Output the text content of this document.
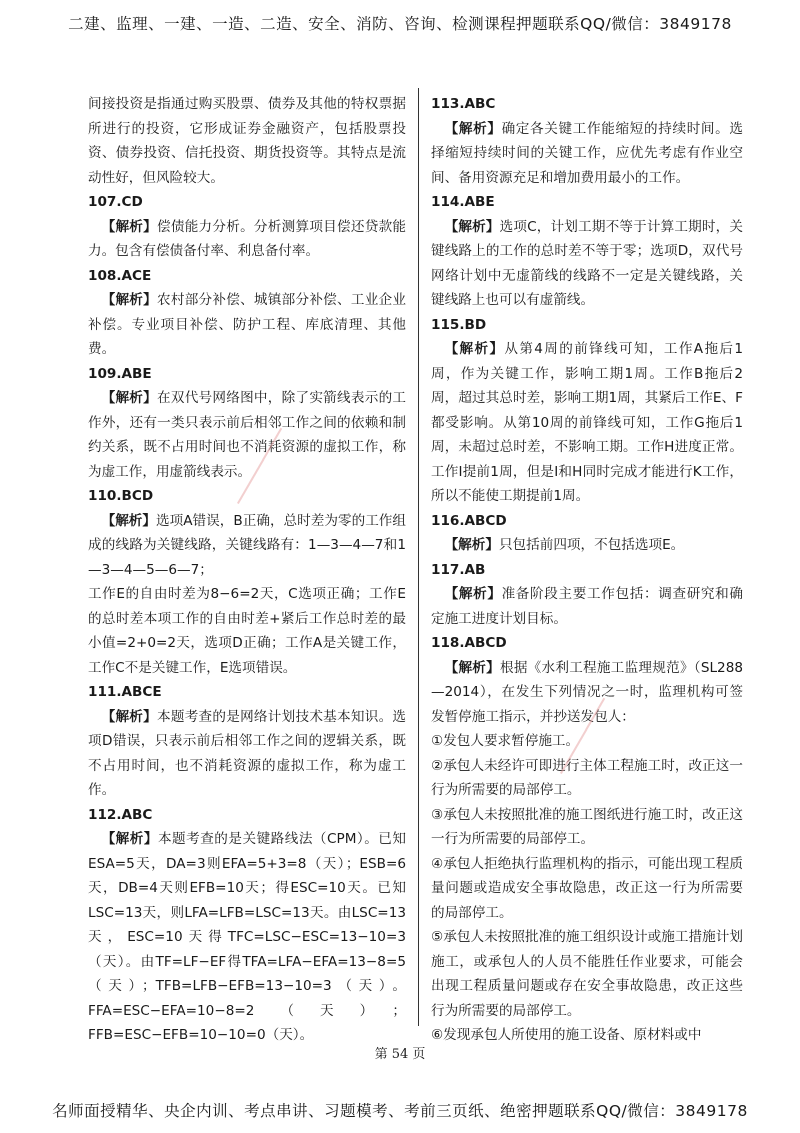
二建、监理、一建、一造、二造、安全、消防、咨询、检测课程押题联系QQ/微信：3849178

间接投资是指通过购买股票、债券及其他的特权票据所进行的投资，它形成证券金融资产，包括股票投资、债券投资、信托投资、期货投资等。其特点是流动性好，但风险较大。

107.CD

【解析】偿债能力分析。分析测算项目偿还贷款能力。包含有偿债备付率、利息备付率。

108.ACE

【解析】农村部分补偿、城镇部分补偿、工业企业补偿。专业项目补偿、防护工程、库底清理、其他费。

109.ABE

【解析】在双代号网络图中，除了实箭线表示的工作外，还有一类只表示前后相邻工作之间的依赖和制约关系，既不占用时间也不消耗资源的虚拟工作，称为虚工作，用虚箭线表示。

110.BCD

【解析】选项A错误，B正确，总时差为零的工作组成的线路为关键线路，关键线路有：1—3—4—7和1—3—4—5—6—7；

工作E的自由时差为8−6=2天，C选项正确；工作E的总时差本项工作的自由时差+紧后工作总时差的最小值=2+0=2天，选项D正确；工作A是关键工作，工作C不是关键工作，E选项错误。

111.ABCE

【解析】本题考查的是网络计划技术基本知识。选项D错误，只表示前后相邻工作之间的逻辑关系，既不占用时间，也不消耗资源的虚拟工作，称为虚工作。

112.ABC

【解析】本题考查的是关键路线法（CPM）。已知ESA=5天，DA=3则EFA=5+3=8（天）；ESB=6天，DB=4天则EFB=10天；得ESC=10天。已知LSC=13天，则LFA=LFB=LSC=13天。由LSC=13天，ESC=10天得TFC=LSC−ESC=13−10=3（天）。由TF=LF−EF得TFA=LFA−EFA=13−8=5（天）；TFB=LFB−EFB=13−10=3（天）。FFA=ESC−EFA=10−8=2（天）；FFB=ESC−EFB=10−10=0（天）。

113.ABC

【解析】确定各关键工作能缩短的持续时间。选择缩短持续时间的关键工作，应优先考虑有作业空间、备用资源充足和增加费用最小的工作。

114.ABE

【解析】选项C，计划工期不等于计算工期时，关键线路上的工作的总时差不等于零；选项D，双代号网络计划中无虚箭线的线路不一定是关键线路，关键线路上也可以有虚箭线。

115.BD

【解析】从第4周的前锋线可知，工作A拖后1周，作为关键工作，影响工期1周。工作B拖后2周，超过其总时差，影响工期1周，其紧后工作E、F都受影响。从第10周的前锋线可知，工作G拖后1周，未超过总时差，不影响工期。工作H进度正常。工作I提前1周，但是I和H同时完成才能进行K工作，所以不能使工期提前1周。

116.ABCD

【解析】只包括前四项，不包括选项E。

117.AB

【解析】准备阶段主要工作包括：调查研究和确定施工进度计划目标。

118.ABCD

【解析】根据《水利工程施工监理规范》（SL288—2014），在发生下列情况之一时，监理机构可签发暂停施工指示，并抄送发包人：

①发包人要求暂停施工。

②承包人未经许可即进行主体工程施工时，改正这一行为所需要的局部停工。

③承包人未按照批准的施工图纸进行施工时，改正这一行为所需要的局部停工。

④承包人拒绝执行监理机构的指示，可能出现工程质量问题或造成安全事故隐患，改正这一行为所需要的局部停工。

⑤承包人未按照批准的施工组织设计或施工措施计划施工，或承包人的人员不能胜任作业要求，可能会出现工程质量问题或存在安全事故隐患，改正这些行为所需要的局部停工。

⑥发现承包人所使用的施工设备、原材料或中

━━━━━━━━━━━━
━━━━━━━━━━━━
第 54 页
名师面授精华、央企内训、考点串讲、习题模考、考前三页纸、绝密押题联系QQ/微信：3849178
